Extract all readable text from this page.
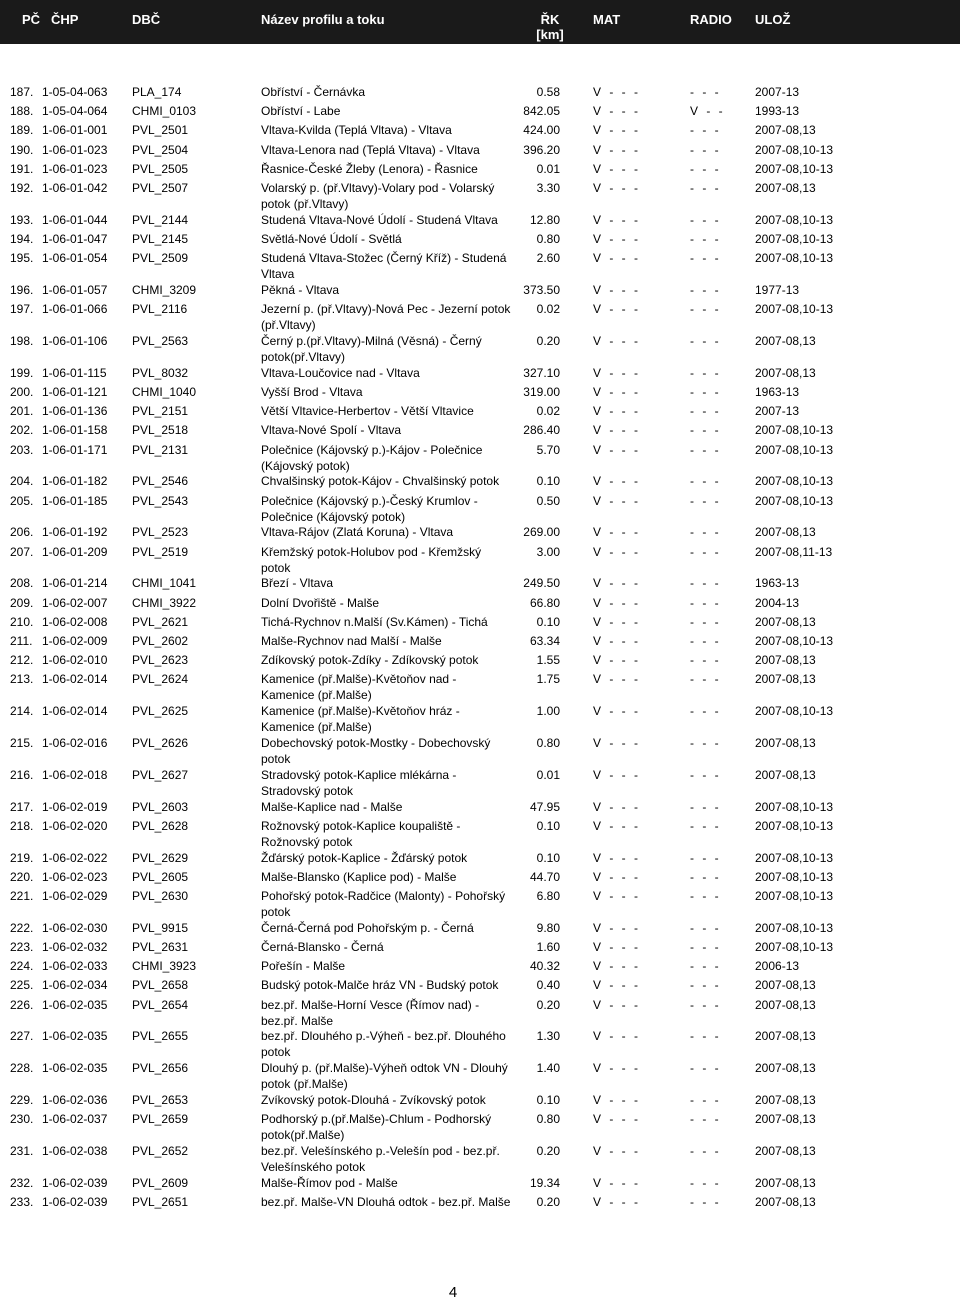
PČ ČHP	DBČ	Název profilu a toku	ŘK
[km]
MAT	RADIO ULOŽ
187. 1-05-04-063 PLA_174	Obříství - Černávka	0.58	V - - -	- - -	2007-13
188. 1-05-04-064 CHMI_0103	Obříství - Labe	842.05	V - - -	V - -	1993-13
189. 1-06-01-001 PVL_2501	Vltava-Kvilda (Teplá Vltava) - Vltava	424.00	V - - -	- - -	2007-08,13
190. 1-06-01-023 PVL_2504	Vltava-Lenora nad (Teplá Vltava) - Vltava	396.20	V - - -	- - -	2007-08,10-13
191. 1-06-01-023 PVL_2505	Řasnice-České Žleby (Lenora) - Řasnice	0.01	V - - -	- - -	2007-08,10-13
192. 1-06-01-042 PVL_2507	Volarský p. (př.Vltavy)-Volary pod - Volarský potok (př.Vltavy)
3.30	V - - -	- - -	2007-08,13
193. 1-06-01-044 PVL_2144	Studená Vltava-Nové Údolí - Studená Vltava	12.80	V - - -	- - -	2007-08,10-13
194. 1-06-01-047 PVL_2145	Světlá-Nové Údolí - Světlá	0.80	V - - -	- - -	2007-08,10-13
195. 1-06-01-054 PVL_2509	Studená Vltava-Stožec (Černý Kříž) - Studená Vltava
2.60	V - - -	- - -	2007-08,10-13
196. 1-06-01-057 CHMI_3209	Pěkná - Vltava	373.50	V - - -	- - -	1977-13
197. 1-06-01-066 PVL_2116	Jezerní p. (př.Vltavy)-Nová Pec - Jezerní potok (př.Vltavy)
0.02	V - - -	- - -	2007-08,10-13
198. 1-06-01-106 PVL_2563	Černý p.(př.Vltavy)-Milná (Věsná) - Černý potok(př.Vltavy)
0.20	V - - -	- - -	2007-08,13
199. 1-06-01-115 PVL_8032	Vltava-Loučovice nad - Vltava	327.10	V - - -	- - -	2007-08,13
200. 1-06-01-121 CHMI_1040	Vyšší Brod - Vltava	319.00	V - - -	- - -	1963-13
201. 1-06-01-136 PVL_2151	Větší Vltavice-Herbertov - Větší Vltavice	0.02	V - - -	- - -	2007-13
202. 1-06-01-158 PVL_2518	Vltava-Nové Spolí - Vltava	286.40	V - - -	- - -	2007-08,10-13
203. 1-06-01-171 PVL_2131	Polečnice (Kájovský p.)-Kájov - Polečnice (Kájovský potok)
5.70	V - - -	- - -	2007-08,10-13
204. 1-06-01-182 PVL_2546	Chvalšinský potok-Kájov - Chvalšinský potok	0.10	V - - -	- - -	2007-08,10-13
205. 1-06-01-185 PVL_2543	Polečnice (Kájovský p.)-Český Krumlov - Polečnice (Kájovský potok)
0.50	V - - -	- - -	2007-08,10-13
206. 1-06-01-192 PVL_2523	Vltava-Rájov (Zlatá Koruna) - Vltava	269.00	V - - -	- - -	2007-08,13
207. 1-06-01-209 PVL_2519	Křemžský potok-Holubov pod - Křemžský potok
3.00	V - - -	- - -	2007-08,11-13
208. 1-06-01-214 CHMI_1041	Březí - Vltava	249.50	V - - -	- - -	1963-13
209. 1-06-02-007 CHMI_3922	Dolní Dvořiště - Malše	66.80	V - - -	- - -	2004-13
210. 1-06-02-008 PVL_2621	Tichá-Rychnov n.Malší (Sv.Kámen) - Tichá	0.10	V - - -	- - -	2007-08,13
211. 1-06-02-009 PVL_2602	Malše-Rychnov nad Malší - Malše	63.34	V - - -	- - -	2007-08,10-13
212. 1-06-02-010 PVL_2623	Zdíkovský potok-Zdíky - Zdíkovský potok	1.55	V - - -	- - -	2007-08,13
213. 1-06-02-014 PVL_2624	Kamenice (př.Malše)-Květoňov nad - Kamenice (př.Malše)
1.75	V - - -	- - -	2007-08,13
214. 1-06-02-014 PVL_2625	Kamenice (př.Malše)-Květoňov hráz - Kamenice (př.Malše)
1.00	V - - -	- - -	2007-08,10-13
215. 1-06-02-016 PVL_2626	Dobechovský potok-Mostky - Dobechovský potok
0.80	V - - -	- - -	2007-08,13
216. 1-06-02-018 PVL_2627	Stradovský potok-Kaplice mlékárna - Stradovský potok
0.01	V - - -	- - -	2007-08,13
217. 1-06-02-019 PVL_2603	Malše-Kaplice nad - Malše	47.95	V - - -	- - -	2007-08,10-13
218. 1-06-02-020 PVL_2628	Rožnovský potok-Kaplice koupaliště - Rožnovský potok
0.10	V - - -	- - -	2007-08,10-13
219. 1-06-02-022 PVL_2629	Žďárský potok-Kaplice - Žďárský potok	0.10	V - - -	- - -	2007-08,10-13
220. 1-06-02-023 PVL_2605	Malše-Blansko (Kaplice pod) - Malše	44.70	V - - -	- - -	2007-08,10-13
221. 1-06-02-029 PVL_2630	Pohořský potok-Radčice (Malonty) - Pohořský potok
6.80	V - - -	- - -	2007-08,10-13
222. 1-06-02-030 PVL_9915	Černá-Černá pod Pohořským p. - Černá	9.80	V - - -	- - -	2007-08,10-13
223. 1-06-02-032 PVL_2631	Černá-Blansko - Černá	1.60	V - - -	- - -	2007-08,10-13
224. 1-06-02-033 CHMI_3923	Pořešín - Malše	40.32	V - - -	- - -	2006-13
225. 1-06-02-034 PVL_2658	Budský potok-Malče hráz VN - Budský potok	0.40	V - - -	- - -	2007-08,13
226. 1-06-02-035 PVL_2654	bez.př. Malše-Horní Vesce (Římov nad) - bez.př. Malše
0.20	V - - -	- - -	2007-08,13
227. 1-06-02-035 PVL_2655	bez.př. Dlouhého p.-Výheň - bez.př. Dlouhého potok
1.30	V - - -	- - -	2007-08,13
228. 1-06-02-035 PVL_2656	Dlouhý p. (př.Malše)-Výheň odtok VN - Dlouhý potok (př.Malše)
1.40	V - - -	- - -	2007-08,13
229. 1-06-02-036 PVL_2653	Zvíkovský potok-Dlouhá - Zvíkovský potok	0.10	V - - -	- - -	2007-08,13
230. 1-06-02-037 PVL_2659	Podhorský p.(př.Malše)-Chlum - Podhorský potok(př.Malše)
0.80	V - - -	- - -	2007-08,13
231. 1-06-02-038 PVL_2652	bez.př. Velešínského p.-Velešín pod - bez.př. Velešínského potok
0.20	V - - -	- - -	2007-08,13
232. 1-06-02-039 PVL_2609	Malše-Římov pod - Malše	19.34	V - - -	- - -	2007-08,13
233. 1-06-02-039 PVL_2651	bez.př. Malše-VN Dlouhá odtok - bez.př. Malše	0.20	V - - -	- - -	2007-08,13
4
